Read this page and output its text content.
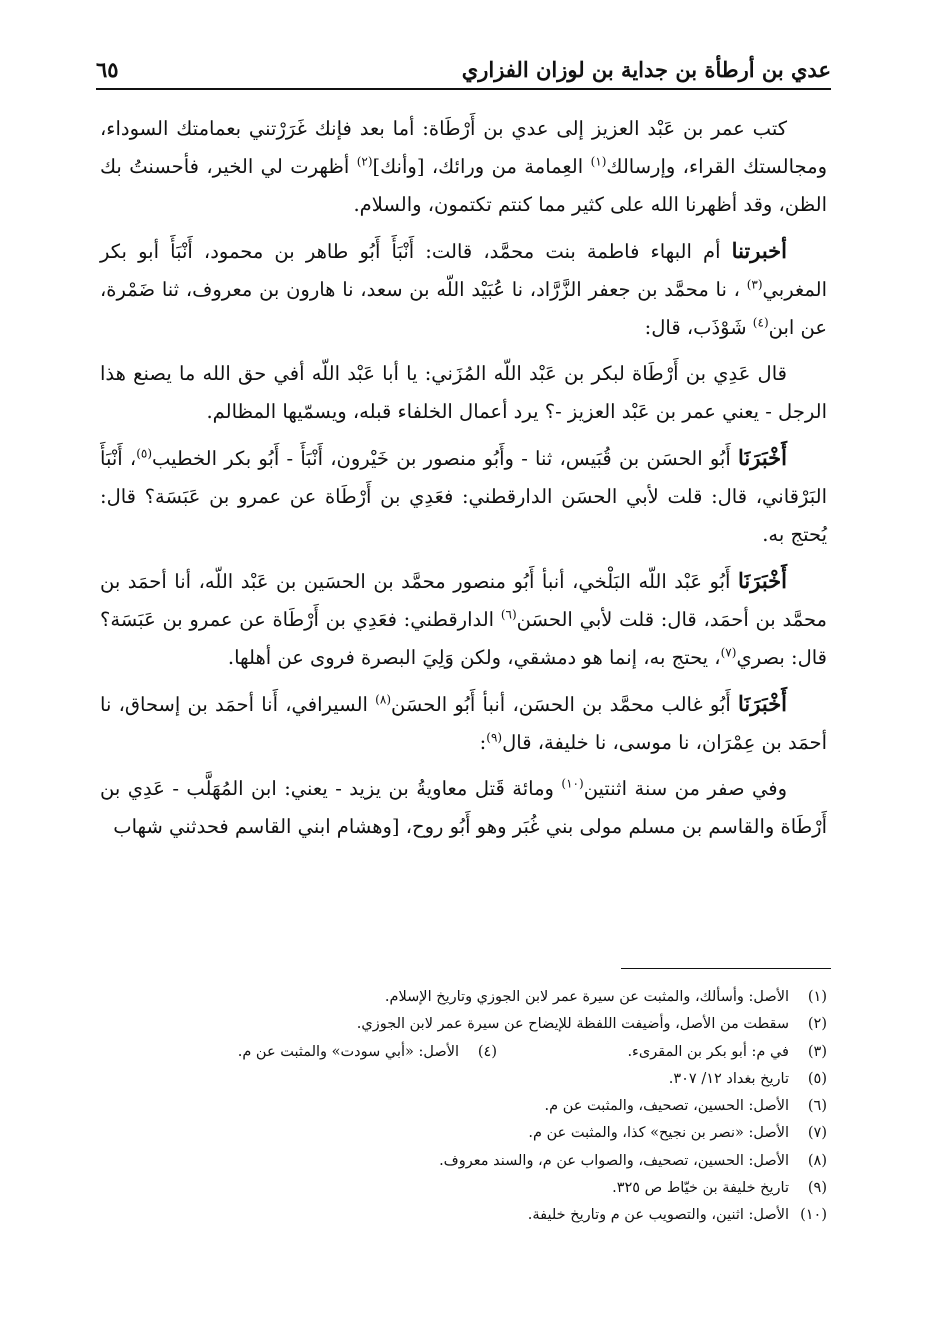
عدي بن أرطأة بن جداية بن لوزان الفزاري
٦٥

كتب عمر بن عَبْد العزيز إلى عدي بن أَرْطَاة: أما بعد فإنك غَرَرْتني بعمامتك السوداء، ومجالستك القراء، وإرسالك$^{(١)}$ العِمامة من ورائك، [وأنك]$^{(٢)}$ أظهرت لي الخير، فأحسنتُ بك الظن، وقد أظهرنا الله على كثير مما كنتم تكتمون، والسلام.

أخبرتنا أم البهاء فاطمة بنت محمَّد، قالت: أَنْبَأَ أَبُو طاهر بن محمود، أَنْبَأَ أبو بكر المغربي$^{(٣)}$ ، نا محمَّد بن جعفر الزَّرَّاد، نا عُبَيْد اللّه بن سعد، نا هارون بن معروف، ثنا ضَمْرة، عن ابن$^{(٤)}$ شَوْذَب، قال:

قال عَدِي بن أَرْطَاة لبكر بن عَبْد اللّه المُزَني: يا أبا عَبْد اللّه أفي حق الله ما يصنع هذا الرجل - يعني عمر بن عَبْد العزيز -؟ يرد أعمال الخلفاء قبله، ويسمّيها المظالم.

أَخْبَرَنَا أَبُو الحسَن بن قُبَيس، ثنا - وأَبُو منصور بن خَيْرون، أَنْبَأَ - أَبُو بكر الخطيب$^{(٥)}$، أَنْبَأَ البَرْقاني، قال: قلت لأبي الحسَن الدارقطني: فعَدِي بن أَرْطَاة عن عمرو بن عَبَسَة؟ قال: يُحتج به.

أَخْبَرَنَا أَبُو عَبْد اللّه البَلْخي، أنبأ أَبُو منصور محمَّد بن الحسَين بن عَبْد اللّه، أنا أحمَد بن محمَّد بن أحمَد، قال: قلت لأبي الحسَن$^{(٦)}$ الدارقطني: فعَدِي بن أَرْطَاة عن عمرو بن عَبَسَة؟ قال: بصري$^{(٧)}$، يحتج به، إنما هو دمشقي، ولكن وَلِيَ البصرة فروى عن أهلها.

أَخْبَرَنَا أَبُو غالب محمَّد بن الحسَن، أنبأ أَبُو الحسَن$^{(٨)}$ السيرافي، أَنا أحمَد بن إسحاق، نا أحمَد بن عِمْرَان، نا موسى، نا خليفة، قال$^{(٩)}$:

وفي صفر من سنة اثنتين$^{(١٠)}$ ومائة قَتل معاويةُ بن يزيد - يعني: ابن المُهَلَّب - عَدِي بن أَرْطَاة والقاسم بن مسلم مولى بني غُبَر وهو أَبُو روح، [وهشام ابني القاسم فحدثني شهاب

(١)
الأصل: وأسألك، والمثبت عن سيرة عمر لابن الجوزي وتاريخ الإسلام.
(٢)
سقطت من الأصل، وأضيفت اللفظة للإيضاح عن سيرة عمر لابن الجوزي.
(٣)
في م: أبو بكر بن المقرىء.
(٤)
الأصل: «أبي سودت» والمثبت عن م.
(٥)
تاريخ بغداد ١٢/ ٣٠٧.
(٦)
الأصل: الحسين، تصحيف، والمثبت عن م.
(٧)
الأصل: «نصر بن نجيح» كذا، والمثبت عن م.
(٨)
الأصل: الحسين، تصحيف، والصواب عن م، والسند معروف.
(٩)
تاريخ خليفة بن خيّاط ص ٣٢٥.
(١٠)
الأصل: اثنين، والتصويب عن م وتاريخ خليفة.
